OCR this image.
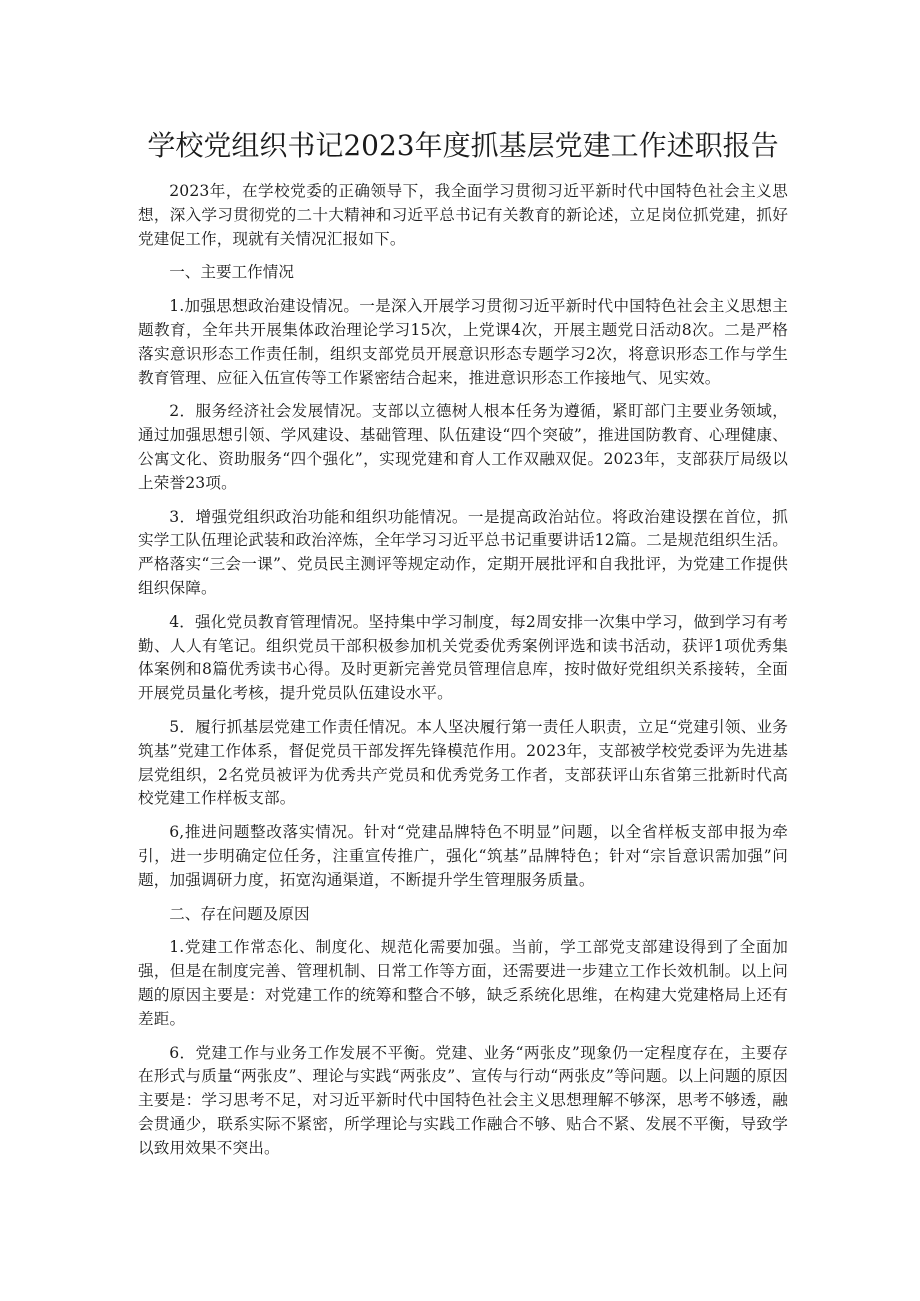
学校党组织书记2023年度抓基层党建工作述职报告

2023年，在学校党委的正确领导下，我全面学习贯彻习近平新时代中国特色社会主义思想，深入学习贯彻党的二十大精神和习近平总书记有关教育的新论述，立足岗位抓党建，抓好党建促工作，现就有关情况汇报如下。

一、主要工作情况

1.加强思想政治建设情况。一是深入开展学习贯彻习近平新时代中国特色社会主义思想主题教育，全年共开展集体政治理论学习15次，上党课4次，开展主题党日活动8次。二是严格落实意识形态工作责任制，组织支部党员开展意识形态专题学习2次，将意识形态工作与学生教育管理、应征入伍宣传等工作紧密结合起来，推进意识形态工作接地气、见实效。

2．服务经济社会发展情况。支部以立德树人根本任务为遵循，紧盯部门主要业务领域，通过加强思想引领、学风建设、基础管理、队伍建设“四个突破”，推进国防教育、心理健康、公寓文化、资助服务“四个强化”，实现党建和育人工作双融双促。2023年，支部获厅局级以上荣誉23项。

3．增强党组织政治功能和组织功能情况。一是提高政治站位。将政治建设摆在首位，抓实学工队伍理论武装和政治淬炼，全年学习习近平总书记重要讲话12篇。二是规范组织生活。严格落实“三会一课”、党员民主测评等规定动作，定期开展批评和自我批评，为党建工作提供组织保障。

4．强化党员教育管理情况。坚持集中学习制度，每2周安排一次集中学习，做到学习有考勤、人人有笔记。组织党员干部积极参加机关党委优秀案例评选和读书活动，获评1项优秀集体案例和8篇优秀读书心得。及时更新完善党员管理信息库，按时做好党组织关系接转，全面开展党员量化考核，提升党员队伍建设水平。

5．履行抓基层党建工作责任情况。本人坚决履行第一责任人职责，立足“党建引领、业务筑基”党建工作体系，督促党员干部发挥先锋模范作用。2023年，支部被学校党委评为先进基层党组织，2名党员被评为优秀共产党员和优秀党务工作者，支部获评山东省第三批新时代高校党建工作样板支部。

6,推进问题整改落实情况。针对“党建品牌特色不明显”问题，以全省样板支部申报为牵引，进一步明确定位任务，注重宣传推广，强化“筑基”品牌特色；针对“宗旨意识需加强”问题，加强调研力度，拓宽沟通渠道，不断提升学生管理服务质量。

二、存在问题及原因

1.党建工作常态化、制度化、规范化需要加强。当前，学工部党支部建设得到了全面加强，但是在制度完善、管理机制、日常工作等方面，还需要进一步建立工作长效机制。以上问题的原因主要是：对党建工作的统筹和整合不够，缺乏系统化思维，在构建大党建格局上还有差距。

6．党建工作与业务工作发展不平衡。党建、业务“两张皮”现象仍一定程度存在，主要存在形式与质量“两张皮”、理论与实践“两张皮”、宣传与行动“两张皮”等问题。以上问题的原因主要是：学习思考不足，对习近平新时代中国特色社会主义思想理解不够深，思考不够透，融会贯通少，联系实际不紧密，所学理论与实践工作融合不够、贴合不紧、发展不平衡，导致学以致用效果不突出。
